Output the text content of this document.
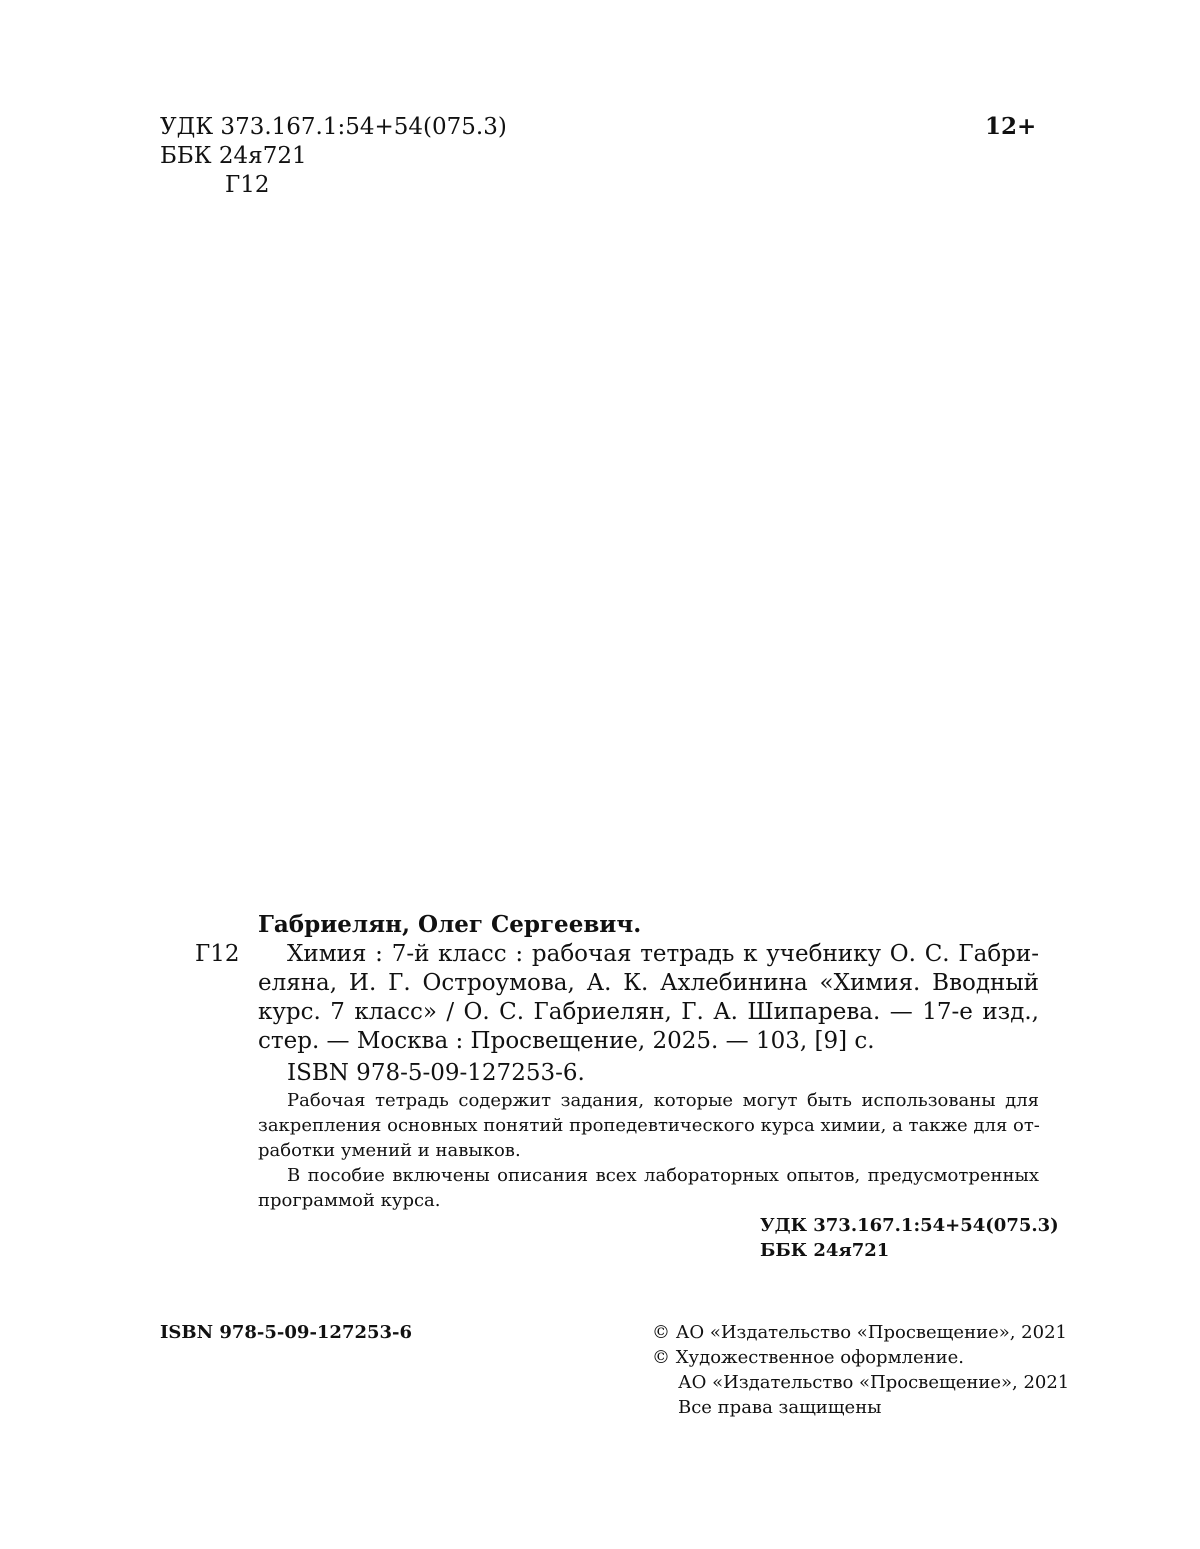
УДК 373.167.1:54+54(075.3)
ББК 24я721
Г12
12+
Габриелян, Олег Сергеевич.
Г12 Химия : 7-й класс : рабочая тетрадь к учебнику О. С. Габри-
еляна, И. Г. Остроумова, А. К. Ахлебинина «Химия. Вводный
курс. 7 класс» / О. С. Габриелян, Г. А. Шипарева. — 17-е изд.,
стер. — Москва : Просвещение, 2025. — 103, [9] с.
ISBN 978-5-09-127253-6.
Рабочая тетрадь содержит задания, которые могут быть использованы для
закрепления основных понятий пропедевтического курса химии, а также для от-
работки умений и навыков.
В пособие включены описания всех лабораторных опытов, предусмотренных
программой курса.
УДК 373.167.1:54+54(075.3)
ББК 24я721
ISBN 978-5-09-127253-6	© АО «Издательство «Просвещение», 2021
© Художественное оформление.
АО «Издательство «Просвещение», 2021
Все права защищены
